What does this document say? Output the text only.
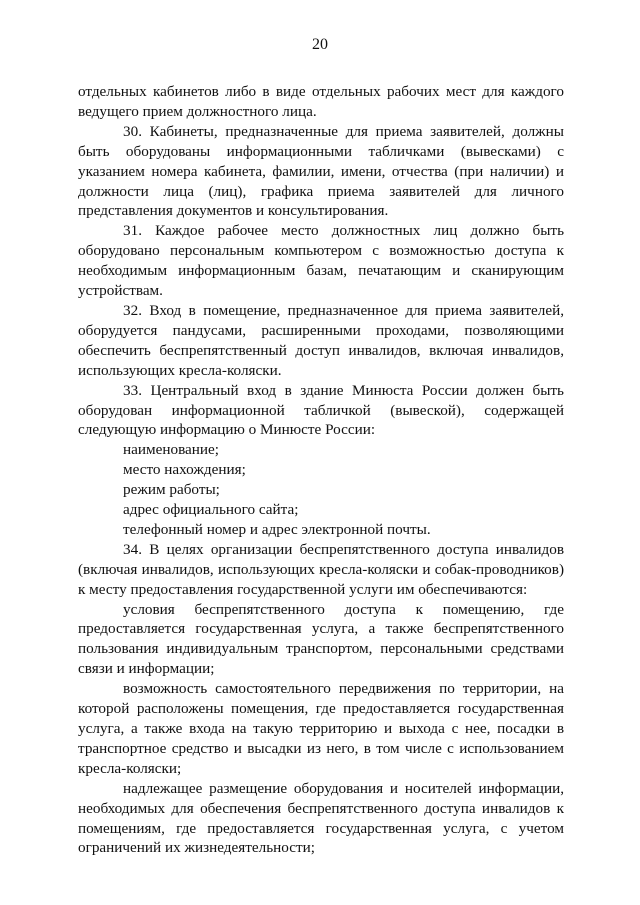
20

отдельных кабинетов либо в виде отдельных рабочих мест для каждого ведущего прием должностного лица.

30. Кабинеты, предназначенные для приема заявителей, должны быть оборудованы информационными табличками (вывесками) с указанием номера кабинета, фамилии, имени, отчества (при наличии) и должности лица (лиц), графика приема заявителей для личного представления документов и консультирования.

31. Каждое рабочее место должностных лиц должно быть оборудовано персональным компьютером с возможностью доступа к необходимым информационным базам, печатающим и сканирующим устройствам.

32. Вход в помещение, предназначенное для приема заявителей, оборудуется пандусами, расширенными проходами, позволяющими обеспечить беспрепятственный доступ инвалидов, включая инвалидов, использующих кресла-коляски.

33. Центральный вход в здание Минюста России должен быть оборудован информационной табличкой (вывеской), содержащей следующую информацию о Минюсте России:

наименование;

место нахождения;

режим работы;

адрес официального сайта;

телефонный номер и адрес электронной почты.

34. В целях организации беспрепятственного доступа инвалидов (включая инвалидов, использующих кресла-коляски и собак-проводников) к месту предоставления государственной услуги им обеспечиваются:

условия беспрепятственного доступа к помещению, где предоставляется государственная услуга, а также беспрепятственного пользования индивидуальным транспортом, персональными средствами связи и информации;

возможность самостоятельного передвижения по территории, на которой расположены помещения, где предоставляется государственная услуга, а также входа на такую территорию и выхода с нее, посадки в транспортное средство и высадки из него, в том числе с использованием кресла-коляски;

надлежащее размещение оборудования и носителей информации, необходимых для обеспечения беспрепятственного доступа инвалидов к помещениям, где предоставляется государственная услуга, с учетом ограничений их жизнедеятельности;
